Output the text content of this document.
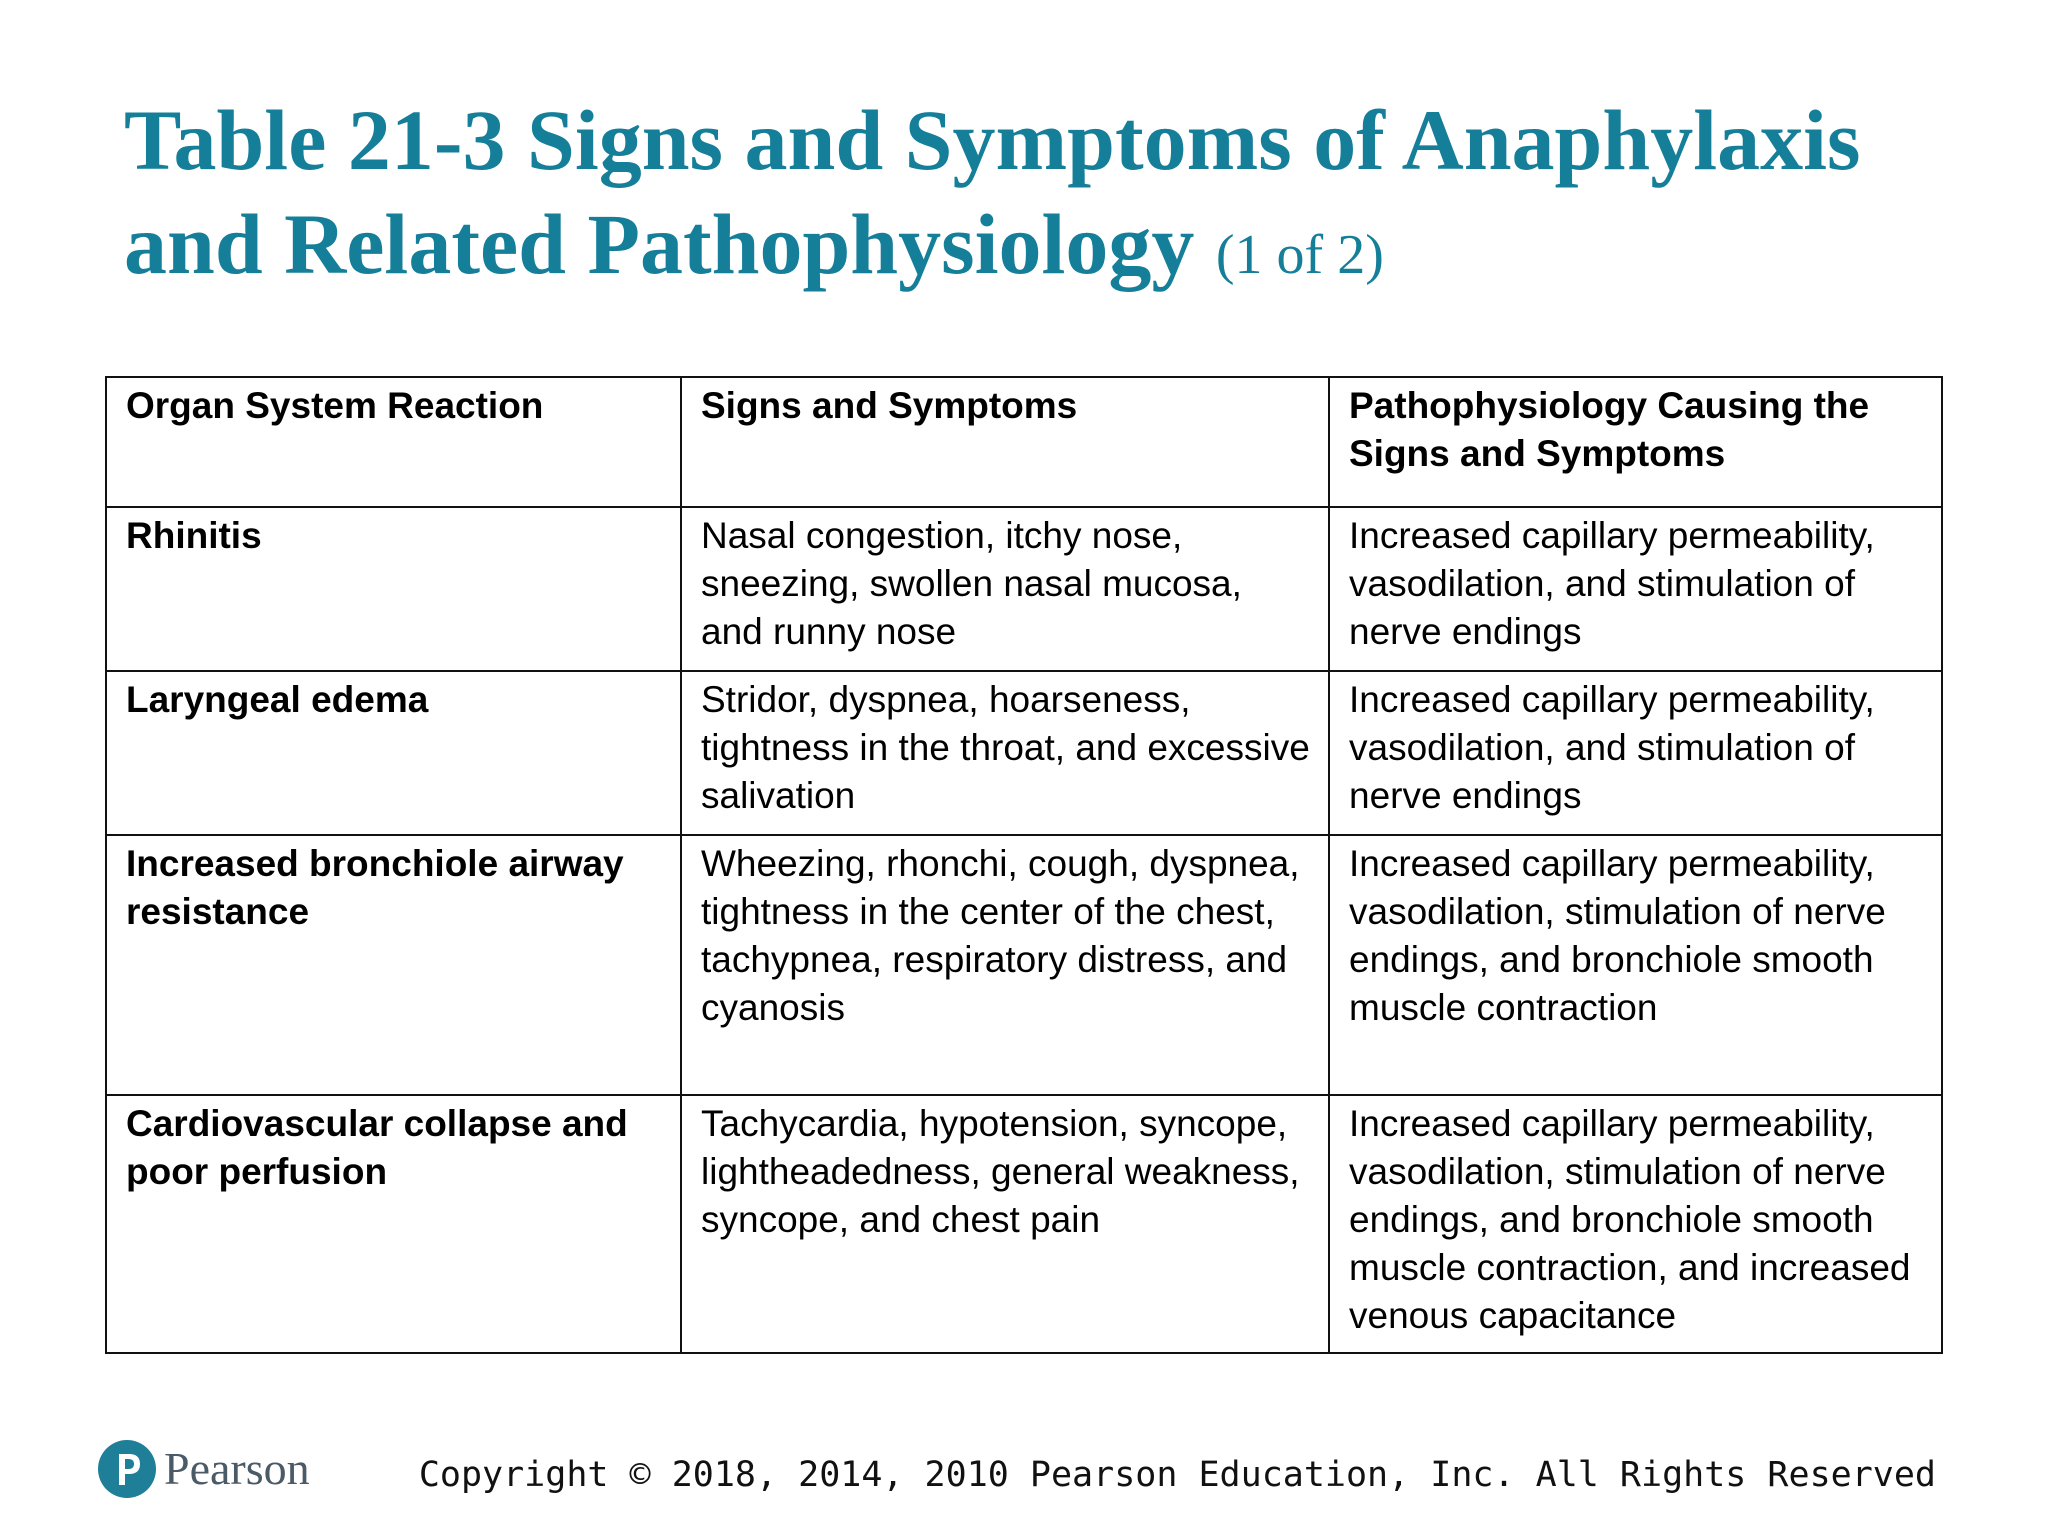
Table 21-3 Signs and Symptoms of Anaphylaxis
and Related Pathophysiology (1 of 2)
Organ System Reaction	Signs and Symptoms	Pathophysiology Causing the Signs and Symptoms
Rhinitis	Nasal congestion, itchy nose, sneezing, swollen nasal mucosa, and runny nose	Increased capillary permeability, vasodilation, and stimulation of nerve endings
Laryngeal edema	Stridor, dyspnea, hoarseness, tightness in the throat, and excessive salivation	Increased capillary permeability, vasodilation, and stimulation of nerve endings
Increased bronchiole airway resistance	Wheezing, rhonchi, cough, dyspnea, tightness in the center of the chest, tachypnea, respiratory distress, and cyanosis	Increased capillary permeability, vasodilation, stimulation of nerve endings, and bronchiole smooth muscle contraction
Cardiovascular collapse and poor perfusion	Tachycardia, hypotension, syncope, lightheadedness, general weakness, syncope, and chest pain	Increased capillary permeability, vasodilation, stimulation of nerve endings, and bronchiole smooth muscle contraction, and increased venous capacitance
Pearson	Copyright © 2018, 2014, 2010 Pearson Education, Inc. All Rights Reserved
